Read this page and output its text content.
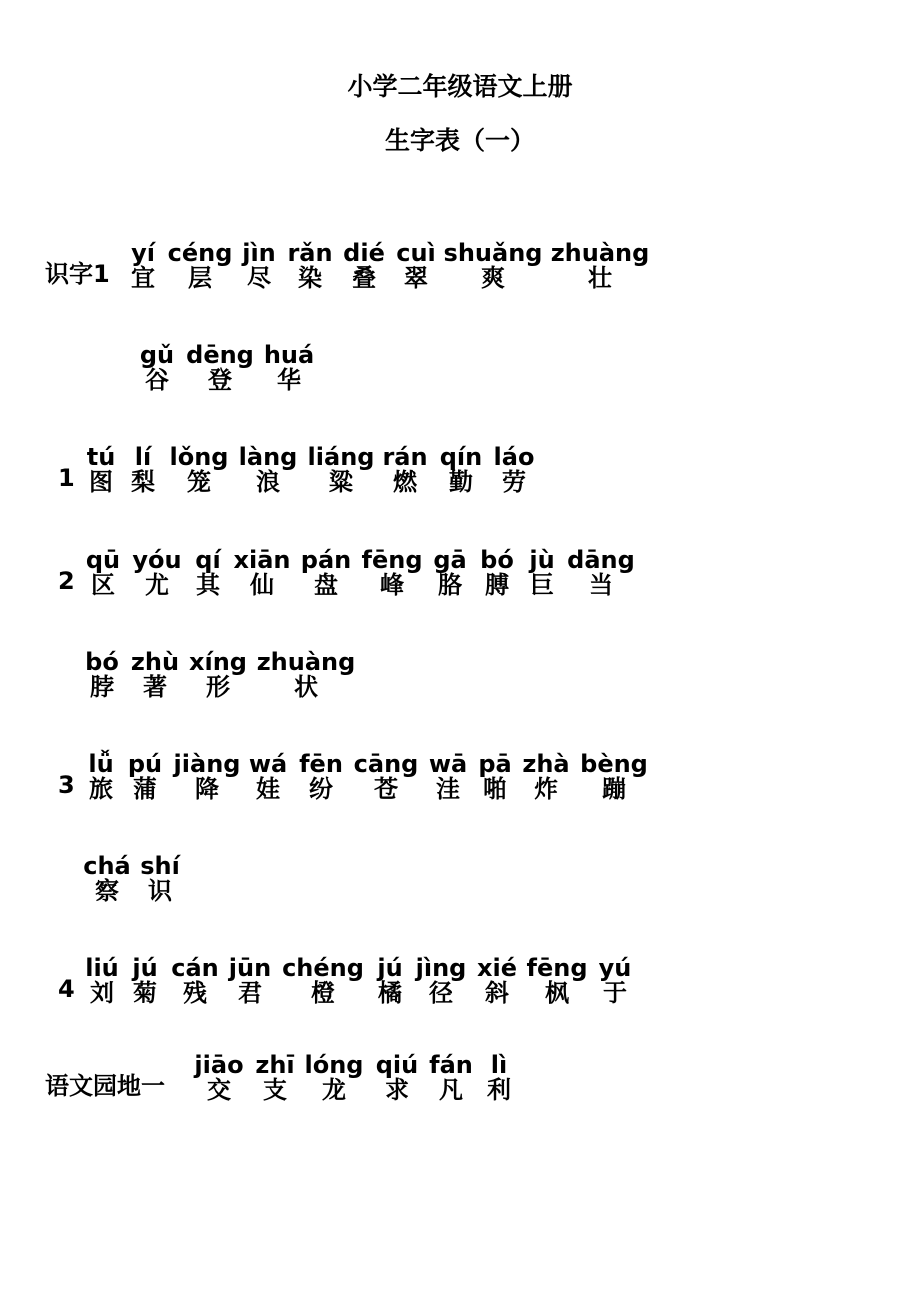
小学二年级语文上册
生字表（一）
识字1
yí
宜
céng
层
jìn
尽
rǎn
染
dié
叠
cuì
翠
shuǎng
爽
zhuàng
壮
gǔ
谷
dēng
登
huá
华
1
tú
图
lí
梨
lǒng
笼
làng
浪
liáng
粱
rán
燃
qín
勤
láo
劳
2
qū
区
yóu
尤
qí
其
xiān
仙
pán
盘
fēng
峰
gā
胳
bó
膊
jù
巨
dāng
当
bó
脖
zhù
著
xíng
形
zhuàng
状
3
lǚ
旅
pú
蒲
jiàng
降
wá
娃
fēn
纷
cāng
苍
wā
洼
pā
啪
zhà
炸
bèng
蹦
chá
察
shí
识
4
liú
刘
jú
菊
cán
残
jūn
君
chéng
橙
jú
橘
jìng
径
xié
斜
fēng
枫
yú
于
语文园地一
jiāo
交
zhī
支
lóng
龙
qiú
求
fán
凡
lì
利
